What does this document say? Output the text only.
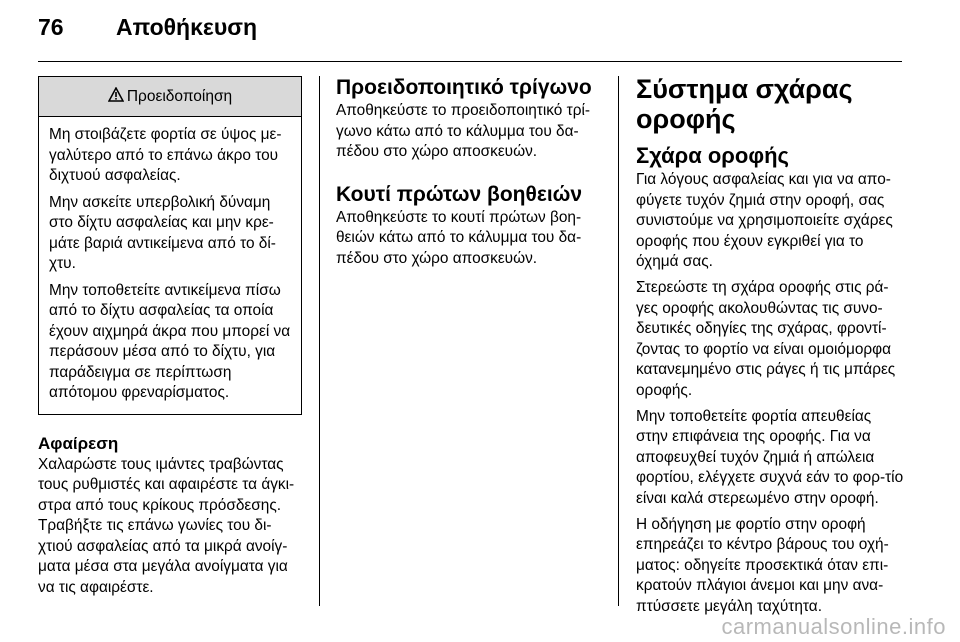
76	Αποθήκευση
Προειδοποίηση

Μη στοιβάζετε φορτία σε ύψος με-γαλύτερο από το επάνω άκρο του διχτυού ασφαλείας.

Μην ασκείτε υπερβολική δύναμη στο δίχτυ ασφαλείας και μην κρε-μάτε βαριά αντικείμενα από το δί-χτυ.

Μην τοποθετείτε αντικείμενα πίσω από το δίχτυ ασφαλείας τα οποία έχουν αιχμηρά άκρα που μπορεί να περάσουν μέσα από το δίχτυ, για παράδειγμα σε περίπτωση απότομου φρεναρίσματος.

Αφαίρεση
Χαλαρώστε τους ιμάντες τραβώντας τους ρυθμιστές και αφαιρέστε τα άγκι-στρα από τους κρίκους πρόσδεσης. Τραβήξτε τις επάνω γωνίες του δι-χτιού ασφαλείας από τα μικρά ανοίγ-ματα μέσα στα μεγάλα ανοίγματα για να τις αφαιρέστε.
Προειδοποιητικό τρίγωνο
Αποθηκεύστε το προειδοποιητικό τρί-γωνο κάτω από το κάλυμμα του δα-πέδου στο χώρο αποσκευών.
Κουτί πρώτων βοηθειών
Αποθηκεύστε το κουτί πρώτων βοη-θειών κάτω από το κάλυμμα του δα-πέδου στο χώρο αποσκευών.
Σύστημα σχάρας
οροφής
Σχάρα οροφής

Για λόγους ασφαλείας και για να απο-φύγετε τυχόν ζημιά στην οροφή, σας συνιστούμε να χρησιμοποιείτε σχάρες οροφής που έχουν εγκριθεί για το όχημά σας.

Στερεώστε τη σχάρα οροφής στις ρά-γες οροφής ακολουθώντας τις συνο-δευτικές οδηγίες της σχάρας, φροντί-ζοντας το φορτίο να είναι ομοιόμορφα κατανεμημένο στις ράγες ή τις μπάρες οροφής.

Μην τοποθετείτε φορτία απευθείας στην επιφάνεια της οροφής. Για να αποφευχθεί τυχόν ζημιά ή απώλεια φορτίου, ελέγχετε συχνά εάν το φορ-τίο είναι καλά στερεωμένο στην οροφή.

Η οδήγηση με φορτίο στην οροφή επηρεάζει το κέντρο βάρους του οχή-ματος: οδηγείτε προσεκτικά όταν επι-κρατούν πλάγιοι άνεμοι και μην ανα-πτύσσετε μεγάλη ταχύτητα.

carmanualsonline.info
